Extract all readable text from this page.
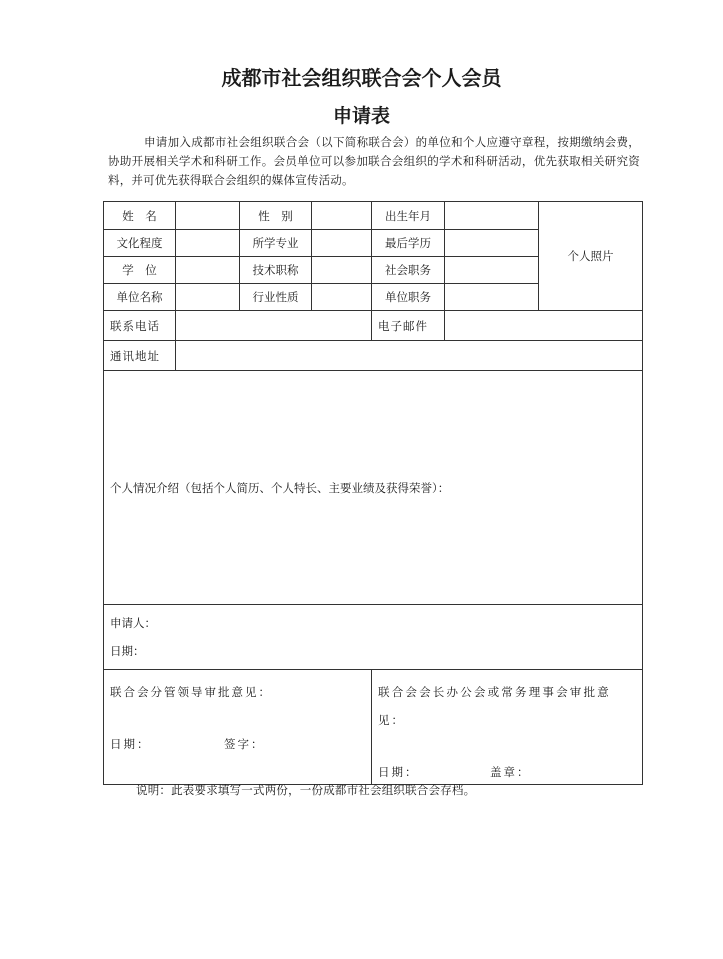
成都市社会组织联合会个人会员
申请表
申请加入成都市社会组织联合会（以下简称联合会）的单位和个人应遵守章程，按期缴纳会费，协助开展相关学术和科研工作。会员单位可以参加联合会组织的学术和科研活动，优先获取相关研究资料，并可优先获得联合会组织的媒体宣传活动。
姓　名		性　别		出生年月		个人照片
文化程度		所学专业		最后学历		
学　位		技术职称		社会职务		
单位名称		行业性质		单位职务		
联系电话				电子邮件		
通讯地址						
个人情况介绍（包括个人简历、个人特长、主要业绩及获得荣誉）：						

申请人：
日期：						

联合会分管领导审批意见：
日期： 签字：				联合会会长办公会或常务理事会审批意
见：
日期： 盖章：		
说明：此表要求填写一式两份，一份成都市社会组织联合会存档。
